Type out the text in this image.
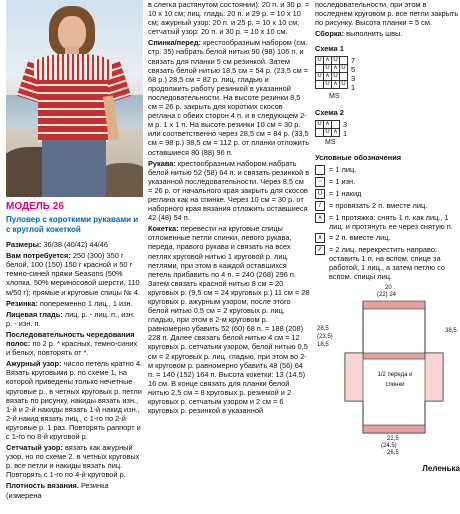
МОДЕЛЬ 26
Пуловер с короткими рукавами и с круглой кокеткой

Размеры: 36/38 (40/42) 44/46

Вам потребуется: 250 (300) 350 г белой, 100 (150) 150 г красной и 50 г темно-синей пряжи Seasons (50% хлопка, 50% мериносовой шерсти, 110 м/50 г); прямые и круговые спицы № 4.

Резинка: попеременно 1 лиц., 1 изн.

Лицевая гладь: лиц. р. - лиц. п., изн. р. - изн. п.

Последовательность чередования полос: по 2 р. * красных, темно-синих и белых, повторять от *.

Ажурный узор: число петель кратно 4. Вязать круговыми р. по схеме 1, на которой приведены только нечетные круговые р., в четных круговых р. петли вязать по рисунку, накиды вязать изн., 1-й и 2-й накиды вязать 1-й накид изн., 2-й накид вязать лиц., с 1-го по 2-й круговые р. 1 раз. Повторять раппорт и с 1-го по 8-й круговой р.

Сетчатый узор: вязать как ажурный узор, но по схеме 2. в четных круговых р. все петли и накиды вязать лиц. Повторять с 1-го по 4-й круговой р.

Плотность вязания. Резинка (измерена

в слегка растянутом состоянии): 20 п. и 30 р. = 10 х 10 см; лиц. гладь: 20 п. и 29 р. = 10 х 10 см; ажурный узор: 20 п. и 25 р. = 10 х 10 см; сетчатый узор: 20 п. и 30 р. = 10 х 10 см.

Спинка/перед: крестообразным набором (см. стр. 35) набрать белой нитью 90 (98) 106 п. и связать для планки 5 см резинкой. Затем связать белой нитью 18,5 см = 54 р. (23,5 см = 68 р.) 28,5 см = 82 р. лиц. гладью и продолжить работу резинкой в указанной последовательности. На высоте резинки 8,5 см = 26 р. закрыть для коротких скосов реглана с обеих сторон 4 п. и в следующем 2-м р. 1 х 1 п. На высоте резинки 10 см = 30 р. или соответственно через 28,5 см = 84 р. (33,5 см = 98 р.) 38,5 см = 112 р. от планки отложить оставшиеся 80 (88) 96 п.

Рукава: крестообразным набором набрать белой нитью 52 (58) 64 п. и связать резинкой в указанной последовательности. Через 8,5 см = 26 р. от начального края закрыть для скосов реглана как на спинке. Через 10 см = 30 р. от наборного края вязания отложить оставшиеся 42 (48) 54 п.

Кокетка: перевести на круговые спицы отложенные петли спинки, левого рукава, переда, правого рукава и связать на всех петлях круговой нитью 1 круговой р. лиц. петлями, при этом в каждой оставшихся петель прибавить по 4 п. = 240 (268) 296 п. Затем связать красной нитью 8 см = 20 круговых р. (9,5 см = 24 круговых р.) 11 см = 28 круговых р. ажурным узором, после этого белой нитью 0,5 см = 2 круговых р. лиц. гладью, при этом в 2-м круговом р. равномерно убавить 52 (60) 68 п. = 188 (208) 228 п. Далее связать белой нитью 4 см = 12 круговых р. сетчатым узором, белой нитью 0,5 см = 2 круговых р. лиц. гладью, при этом во 2-м круговом р. равномерно убавить 48 (56) 64 п. = 140 (152) 164 п. Высота кокетки: 13 (14,5) 16 см. В конце связать для планки белой нитью 2,5 см = 8 круговых р. резинкой и 2 круговых р. сетчатым узором и 2 см = 6 круговых р. резинкой в указанной

последовательности, при этом в последнем круговом р. все петли закрыть по рисунку. Высота планки = 5 см.

Сборка: выполнить швы.

Схема 1
U	∧	U	
	U	∧	U
U	∧	U	
	U	∧	U
7
5
3
1
MS
Схема 2
U	∧	
	U	∧
3
1
MS
Условные обозначения
= 1 лиц.
− = 1 изн.
U = 1 накид
/	= провязать 2 п. вместе лиц.
∧ = 1 протяжка: снять 1 п. как лиц., 1 лиц. и протянуть ее через снятую п.
∧ = 2 п. вместе лиц.
⁄⁄	= 2 лиц. перекрестить направо: оставить 1 п. на вспом. спице за работой, 1 лиц., а затем петлю со вспом. спицы лиц.
20
(22) 24
28,5
(23,5)
18,5
38,5
1/2 переда и спинки
22,5
(24,5)
26,5
Леленька
